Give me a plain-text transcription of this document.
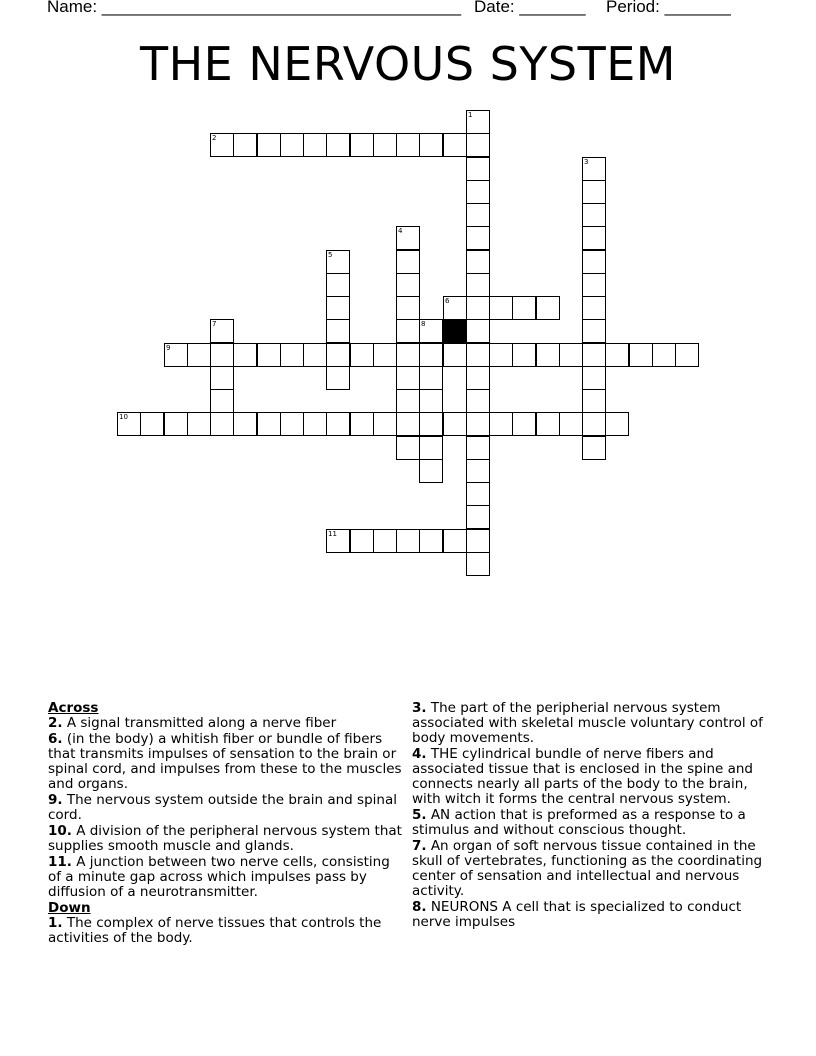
Name: ______________________________________ Date: _______ Period: _______
THE NERVOUS SYSTEM
1
2
3
4
5
6
7	8
9
10
11
Across
2. A signal transmitted along a nerve fiber
6. (in the body) a whitish fiber or bundle of fibers that transmits impulses of sensation to the brain or spinal cord, and impulses from these to the muscles and organs.
9. The nervous system outside the brain and spinal cord.
10. A division of the peripheral nervous system that supplies smooth muscle and glands.
11. A junction between two nerve cells, consisting of a minute gap across which impulses pass by diffusion of a neurotransmitter.
Down
1. The complex of nerve tissues that controls the activities of the body.
3. The part of the peripherial nervous system associated with skeletal muscle voluntary control of body movements.
4. THE cylindrical bundle of nerve fibers and associated tissue that is enclosed in the spine and connects nearly all parts of the body to the brain, with witch it forms the central nervous system.
5. AN action that is preformed as a response to a stimulus and without conscious thought.
7. An organ of soft nervous tissue contained in the skull of vertebrates, functioning as the coordinating center of sensation and intellectual and nervous activity.
8. NEURONS A cell that is specialized to conduct nerve impulses
